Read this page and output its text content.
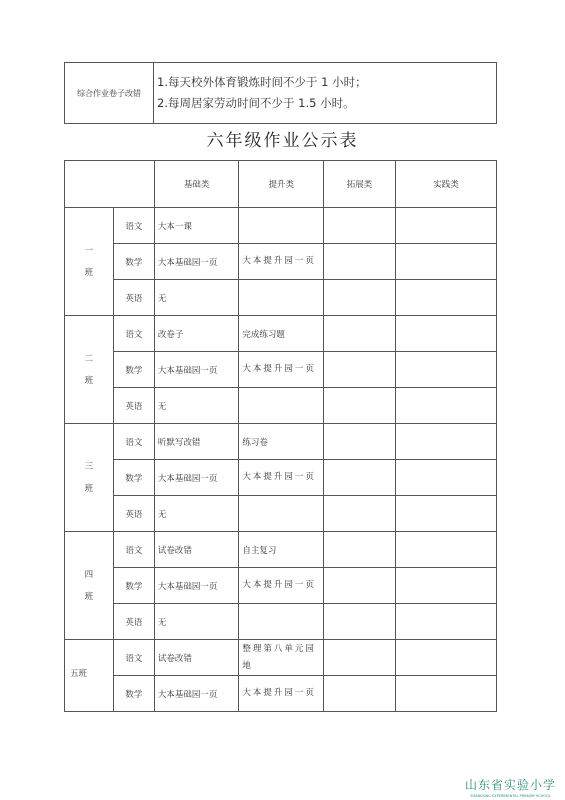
综合作业卷子改错	
1.每天校外体育锻炼时间不少于 1 小时；
2.每周居家劳动时间不少于 1.5 小时。
六年级作业公示表
		基础类	提升类	拓展类	实践类

一
班	语文	大本一课			
	数学	大本基础园一页	大本提升园一页		
	英语	无			

二
班	语文	改卷子	完成练习题		
	数学	大本基础园一页	大本提升园一页		
	英语	无			

三
班	语文	听默写改错	练习卷		
	数学	大本基础园一页	大本提升园一页		
	英语	无			

四
班	语文	试卷改错	自主复习		
	数学	大本基础园一页	大本提升园一页		
	英语	无			

五班	语文	试卷改错	整理第八单元园地		
	数学	大本基础园一页	大本提升园一页		
山东省实验小学
SHANDONG EXPERIMENTAL PRIMARY SCHOOL
